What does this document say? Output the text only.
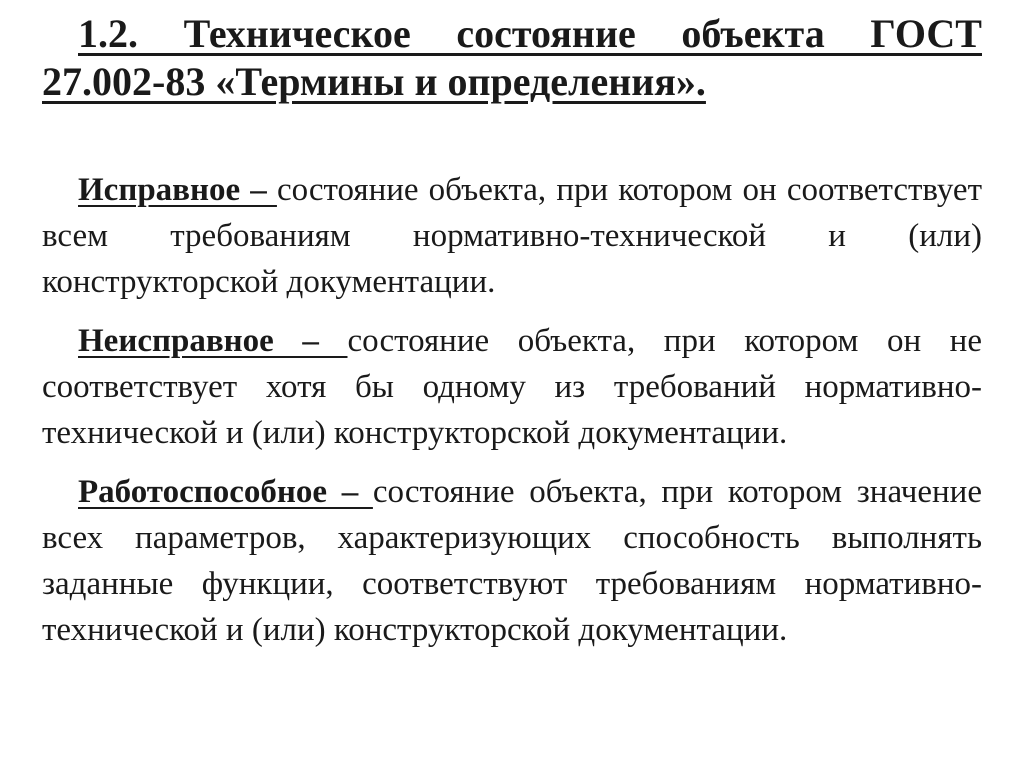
1.2. Техническое состояние объекта ГОСТ
27.002-83 «Термины и определения».

Исправное – состояние объекта, при котором он соответствует всем требованиям нормативно-технической и (или) конструкторской документации.

Неисправное – состояние объекта, при котором он не соответствует хотя бы одному из требований нормативно-технической и (или) конструкторской документации.

Работоспособное – состояние объекта, при котором значение всех параметров, характеризующих способность выполнять заданные функции, соответствуют требованиям нормативно-технической и (или) конструкторской документации.
